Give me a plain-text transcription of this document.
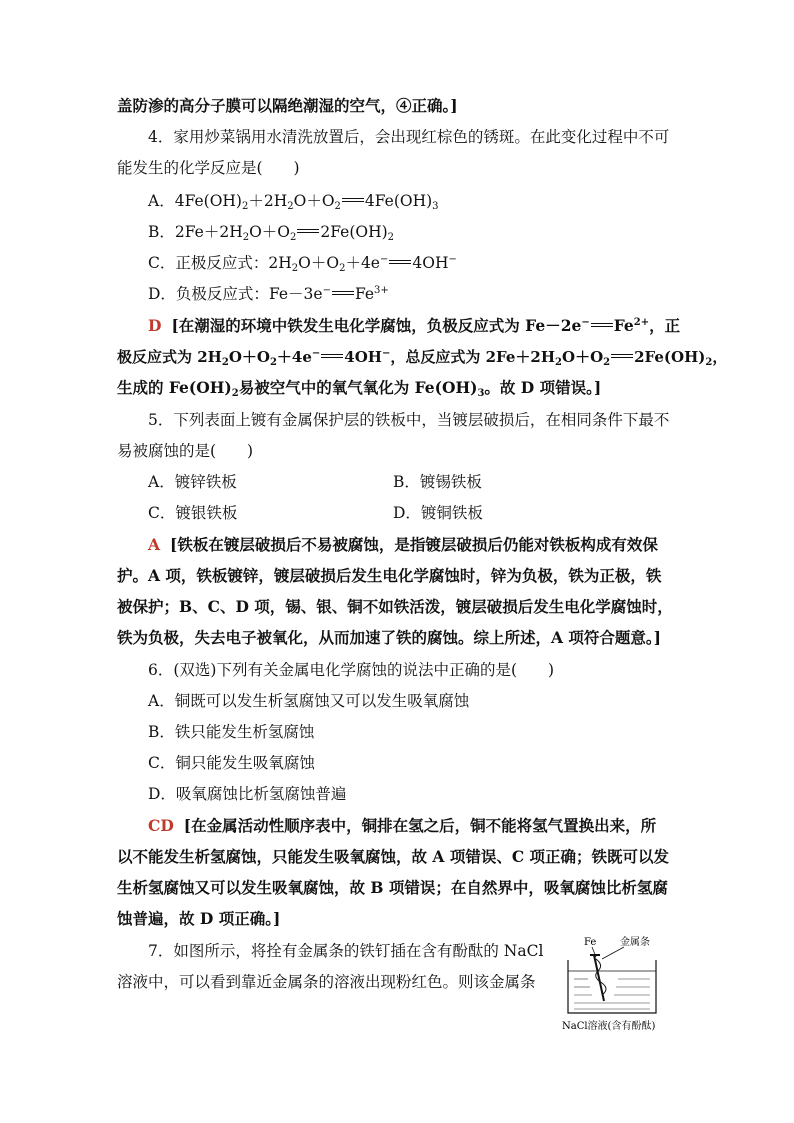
盖防渗的高分子膜可以隔绝潮湿的空气，④正确。]
4．家用炒菜锅用水清洗放置后，会出现红棕色的锈斑。在此变化过程中不可
能发生的化学反应是(　　)
A．$4Fe(OH)_2+2H_2O+O_2$ $4Fe(OH)_3$
B．$2Fe+2H_2O+O_2$ $2Fe(OH)_2$
C．正极反应式：$2H_2O+O_2+4e^-$ 4OH−
D．负极反应式：Fe－3e− $Fe^{3+}$
D [在潮湿的环境中铁发生电化学腐蚀，负极反应式为 Fe－2e− $Fe^{2+}$，正
极反应式为 $2H_2O+O_2+4e^-$ 4OH−，总反应式为 $2Fe+2H_2O+O_2$ $2Fe(OH)_2$，
生成的 $Fe(OH)_2$易被空气中的氧气氧化为 $Fe(OH)_3$。故 D 项错误。]
5．下列表面上镀有金属保护层的铁板中，当镀层破损后，在相同条件下最不
易被腐蚀的是(　　)
A．镀锌铁板	B．镀锡铁板
C．镀银铁板	D．镀铜铁板
A [铁板在镀层破损后不易被腐蚀，是指镀层破损后仍能对铁板构成有效保
护。A 项，铁板镀锌，镀层破损后发生电化学腐蚀时，锌为负极，铁为正极，铁
被保护；B、C、D 项，锡、银、铜不如铁活泼，镀层破损后发生电化学腐蚀时，
铁为负极，失去电子被氧化，从而加速了铁的腐蚀。综上所述，A 项符合题意。]
6．(双选)下列有关金属电化学腐蚀的说法中正确的是(　　)
A．铜既可以发生析氢腐蚀又可以发生吸氧腐蚀
B．铁只能发生析氢腐蚀
C．铜只能发生吸氧腐蚀
D．吸氧腐蚀比析氢腐蚀普遍
CD [在金属活动性顺序表中，铜排在氢之后，铜不能将氢气置换出来，所
以不能发生析氢腐蚀，只能发生吸氧腐蚀，故 A 项错误、C 项正确；铁既可以发
生析氢腐蚀又可以发生吸氧腐蚀，故 B 项错误；在自然界中，吸氧腐蚀比析氢腐
蚀普遍，故 D 项正确。]
7．如图所示，将拴有金属条的铁钉插在含有酚酞的 NaCl
溶液中，可以看到靠近金属条的溶液出现粉红色。则该金属条
Fe 金属条
NaCl溶液(含有酚酞)
